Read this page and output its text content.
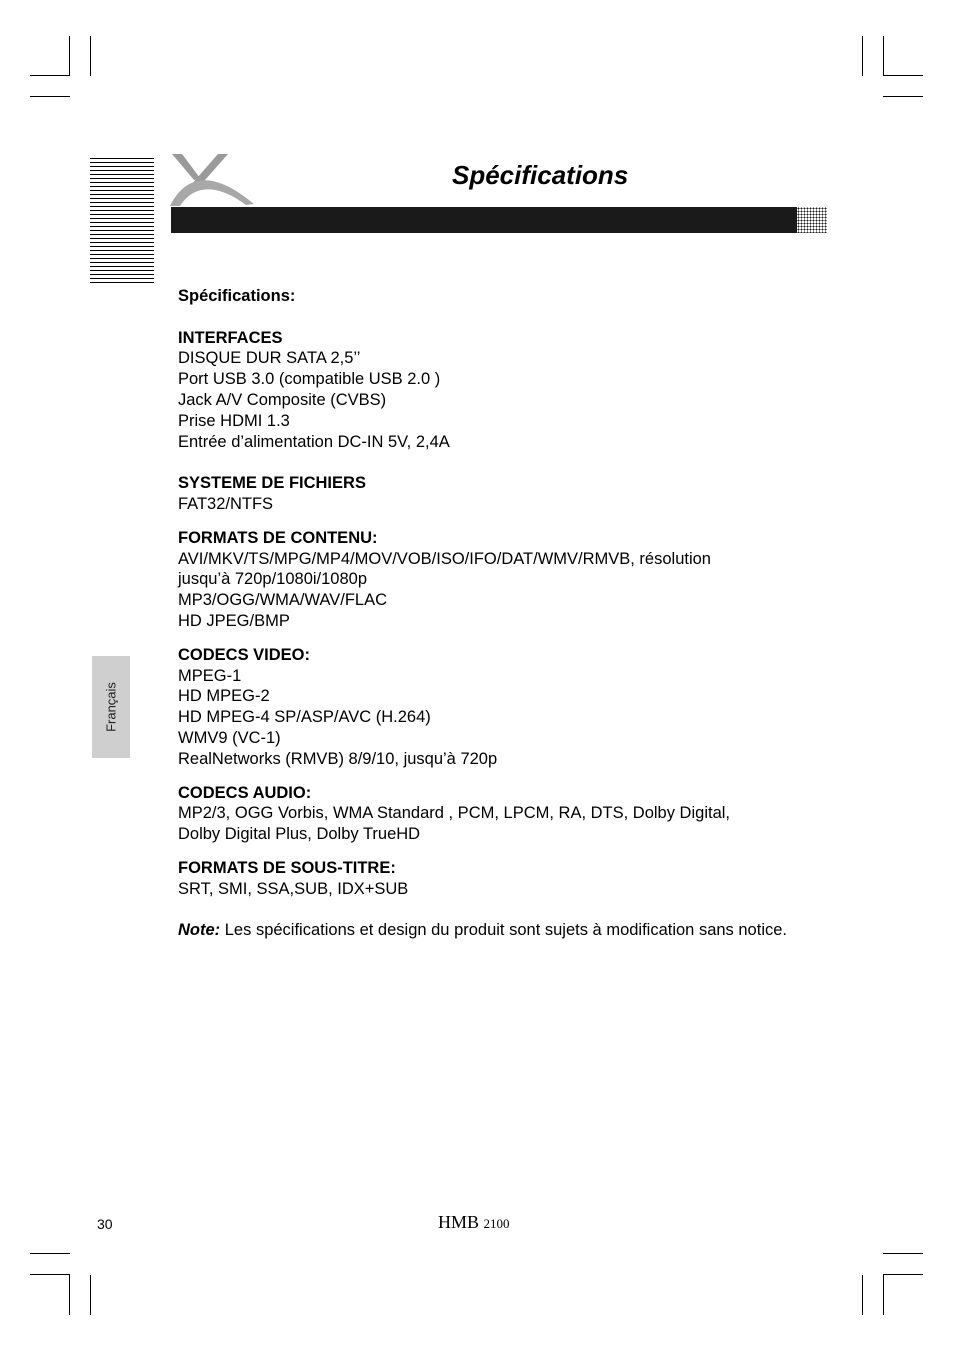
Spécifications
Français
Spécifications:
INTERFACES
DISQUE DUR SATA 2,5’’
Port USB 3.0 (compatible USB 2.0 )
Jack A/V Composite (CVBS)
Prise HDMI 1.3
Entrée d’alimentation DC-IN 5V, 2,4A
SYSTEME DE FICHIERS
FAT32/NTFS
FORMATS DE CONTENU:
AVI/MKV/TS/MPG/MP4/MOV/VOB/ISO/IFO/DAT/WMV/RMVB, résolution
jusqu’à 720p/1080i/1080p
MP3/OGG/WMA/WAV/FLAC
HD JPEG/BMP
CODECS VIDEO:
MPEG-1
HD MPEG-2
HD MPEG-4 SP/ASP/AVC (H.264)
WMV9 (VC-1)
RealNetworks (RMVB) 8/9/10, jusqu’à 720p
CODECS AUDIO:
MP2/3, OGG Vorbis, WMA Standard , PCM, LPCM, RA, DTS, Dolby Digital,
Dolby Digital Plus, Dolby TrueHD
FORMATS DE SOUS-TITRE:
SRT, SMI, SSA,SUB, IDX+SUB
Note: Les spécifications et design du produit sont sujets à modification sans notice.
30	HMB 2100
